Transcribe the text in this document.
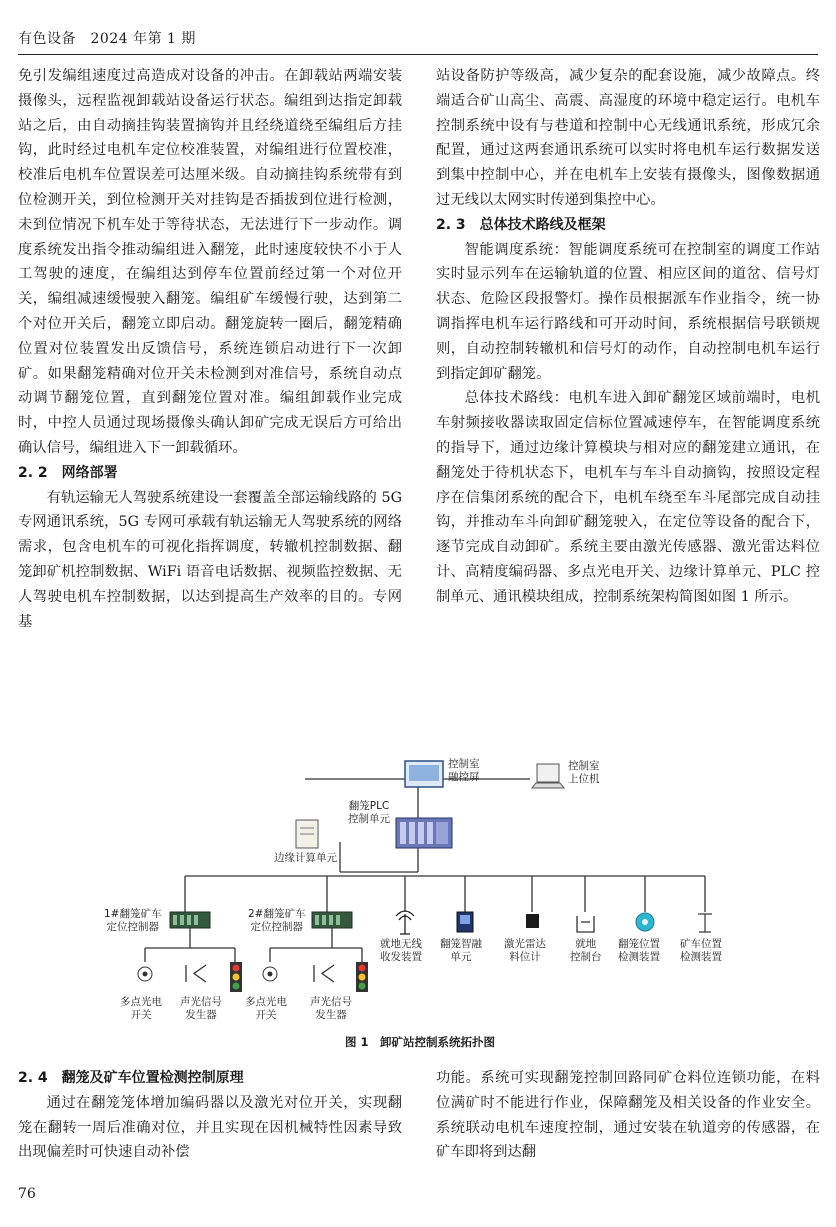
有色设备　2024 年第 1 期

免引发编组速度过高造成对设备的冲击。在卸载站两端安装摄像头，远程监视卸载站设备运行状态。编组到达指定卸载站之后，由自动摘挂钩装置摘钩并且经绕道绕至编组后方挂钩，此时经过电机车定位校准装置，对编组进行位置校准，校准后电机车位置误差可达厘米级。自动摘挂钩系统带有到位检测开关，到位检测开关对挂钩是否插拔到位进行检测，未到位情况下机车处于等待状态，无法进行下一步动作。调度系统发出指令推动编组进入翻笼，此时速度较快不小于人工驾驶的速度，在编组达到停车位置前经过第一个对位开关，编组减速缓慢驶入翻笼。编组矿车缓慢行驶，达到第二个对位开关后，翻笼立即启动。翻笼旋转一圈后，翻笼精确位置对位装置发出反馈信号，系统连锁启动进行下一次卸矿。如果翻笼精确对位开关未检测到对准信号，系统自动点动调节翻笼位置，直到翻笼位置对准。编组卸载作业完成时，中控人员通过现场摄像头确认卸矿完成无误后方可给出确认信号，编组进入下一卸载循环。

2. 2　网络部署

有轨运输无人驾驶系统建设一套覆盖全部运输线路的 5G 专网通讯系统，5G 专网可承载有轨运输无人驾驶系统的网络需求，包含电机车的可视化指挥调度，转辙机控制数据、翻笼卸矿机控制数据、WiFi 语音电话数据、视频监控数据、无人驾驶电机车控制数据，以达到提高生产效率的目的。专网基

站设备防护等级高，减少复杂的配套设施，减少故障点。终端适合矿山高尘、高震、高湿度的环境中稳定运行。电机车控制系统中设有与巷道和控制中心无线通讯系统，形成冗余配置，通过这两套通讯系统可以实时将电机车运行数据发送到集中控制中心，并在电机车上安装有摄像头，图像数据通过无线以太网实时传递到集控中心。

2. 3　总体技术路线及框架

智能调度系统：智能调度系统可在控制室的调度工作站实时显示列车在运输轨道的位置、相应区间的道岔、信号灯状态、危险区段报警灯。操作员根据派车作业指令，统一协调指挥电机车运行路线和可开动时间，系统根据信号联锁规则，自动控制转辙机和信号灯的动作，自动控制电机车运行到指定卸矿翻笼。

总体技术路线：电机车进入卸矿翻笼区域前端时，电机车射频接收器读取固定信标位置减速停车，在智能调度系统的指导下，通过边缘计算模块与相对应的翻笼建立通讯，在翻笼处于待机状态下，电机车与车斗自动摘钩，按照设定程序在信集闭系统的配合下，电机车绕至车斗尾部完成自动挂钩，并推动车斗向卸矿翻笼驶入，在定位等设备的配合下，逐节完成自动卸矿。系统主要由激光传感器、激光雷达料位计、高精度编码器、多点光电开关、边缘计算单元、PLC 控制单元、通讯模块组成，控制系统架构简图如图 1 所示。

控制室
融控屏
控制室
上位机
翻笼PLC
控制单元
边缘计算单元
1#翻笼矿车
定位控制器
2#翻笼矿车
定位控制器
就地无线
收发装置
翻笼智融
单元
激光雷达
料位计
就地
控制台
翻笼位置
检测装置
矿车位置
检测装置
多点光电
开关
声光信号
发生器
多点光电
开关
声光信号
发生器
图 1　卸矿站控制系统拓扑图

2. 4　翻笼及矿车位置检测控制原理

通过在翻笼笼体增加编码器以及激光对位开关，实现翻笼在翻转一周后准确对位，并且实现在因机械特性因素导致出现偏差时可快速自动补偿

功能。系统可实现翻笼控制回路同矿仓料位连锁功能，在料位满矿时不能进行作业，保障翻笼及相关设备的作业安全。系统联动电机车速度控制，通过安装在轨道旁的传感器，在矿车即将到达翻

76
